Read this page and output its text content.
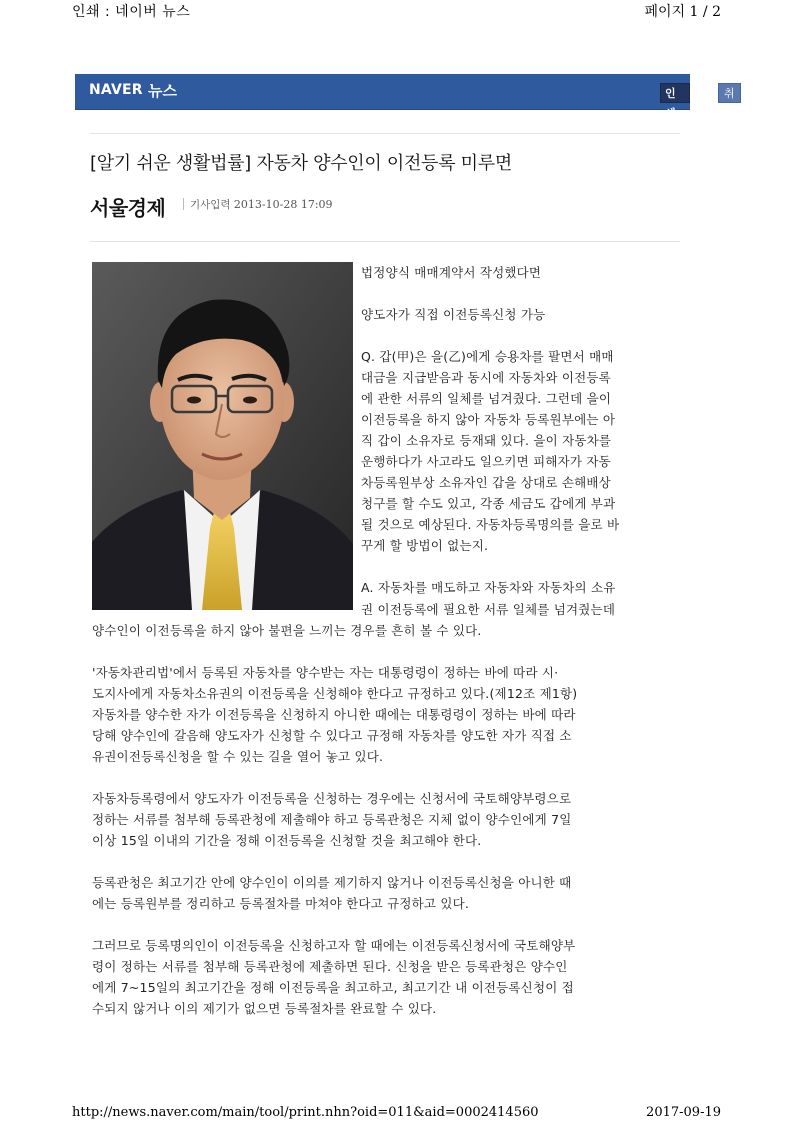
인쇄 : 네이버 뉴스	페이지 1 / 2
NAVER 뉴스	인쇄하기
취소
[알기 쉬운 생활법률] 자동차 양수인이 이전등록 미루면
서울경제 기사입력 2013-10-28 17:09

법정양식 매매계약서 작성했다면

양도자가 직접 이전등록신청 가능

Q. 갑(甲)은 을(乙)에게 승용차를 팔면서 매매

대금을 지급받음과 동시에 자동차와 이전등록

에 관한 서류의 일체를 넘겨줬다. 그런데 을이

이전등록을 하지 않아 자동차 등록원부에는 아

직 갑이 소유자로 등재돼 있다. 을이 자동차를

운행하다가 사고라도 일으키면 피해자가 자동

차등록원부상 소유자인 갑을 상대로 손해배상

청구를 할 수도 있고, 각종 세금도 갑에게 부과

될 것으로 예상된다. 자동차등록명의를 을로 바

꾸게 할 방법이 없는지.

A. 자동차를 매도하고 자동차와 자동차의 소유

권 이전등록에 필요한 서류 일체를 넘겨줬는데
양수인이 이전등록을 하지 않아 불편을 느끼는 경우를 흔히 볼 수 있다.

'자동차관리법'에서 등록된 자동차를 양수받는 자는 대통령령이 정하는 바에 따라 시·

도지사에게 자동차소유권의 이전등록을 신청해야 한다고 규정하고 있다.(제12조 제1항)

자동차를 양수한 자가 이전등록을 신청하지 아니한 때에는 대통령령이 정하는 바에 따라

당해 양수인에 갈음해 양도자가 신청할 수 있다고 규정해 자동차를 양도한 자가 직접 소

유권이전등록신청을 할 수 있는 길을 열어 놓고 있다.

자동차등록령에서 양도자가 이전등록을 신청하는 경우에는 신청서에 국토해양부령으로

정하는 서류를 첨부해 등록관청에 제출해야 하고 등록관청은 지체 없이 양수인에게 7일

이상 15일 이내의 기간을 정해 이전등록을 신청할 것을 최고해야 한다.

등록관청은 최고기간 안에 양수인이 이의를 제기하지 않거나 이전등록신청을 아니한 때

에는 등록원부를 정리하고 등록절차를 마쳐야 한다고 규정하고 있다.

그러므로 등록명의인이 이전등록을 신청하고자 할 때에는 이전등록신청서에 국토해양부

령이 정하는 서류를 첨부해 등록관청에 제출하면 된다. 신청을 받은 등록관청은 양수인

에게 7~15일의 최고기간을 정해 이전등록을 최고하고, 최고기간 내 이전등록신청이 접

수되지 않거나 이의 제기가 없으면 등록절차를 완료할 수 있다.

http://news.naver.com/main/tool/print.nhn?oid=011&aid=0002414560	2017-09-19
